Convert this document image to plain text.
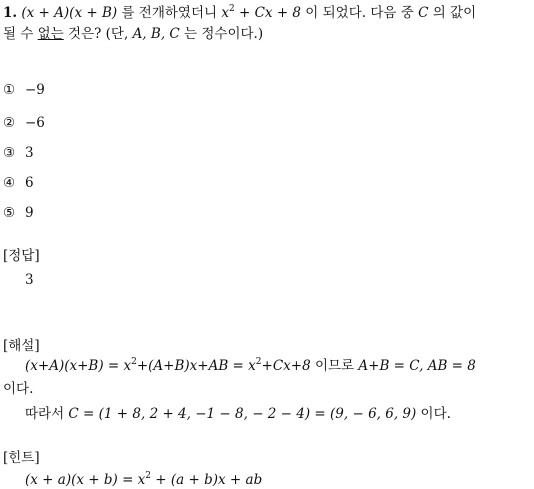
1. (x + A)(x + B) 를 전개하였더니 $x^2 + Cx + 8$ 이 되었다. 다음 중 C 의 값이
될 수 없는 것은? (단, A, B, C 는 정수이다.)
① −9
② −6
③ 3
④ 6
⑤ 9
[정답]
3
[해설]
$(x+A)(x+B) = x^2+(A+B)x+AB = x^2+Cx+8$ 이므로 A+B = C, AB = 8
이다.
따라서 C = (1 + 8, 2 + 4, −1 − 8, − 2 − 4) = (9, − 6, 6, 9) 이다.
[힌트]
$(x + a)(x + b) = x^2 + (a + b)x$ + ab
